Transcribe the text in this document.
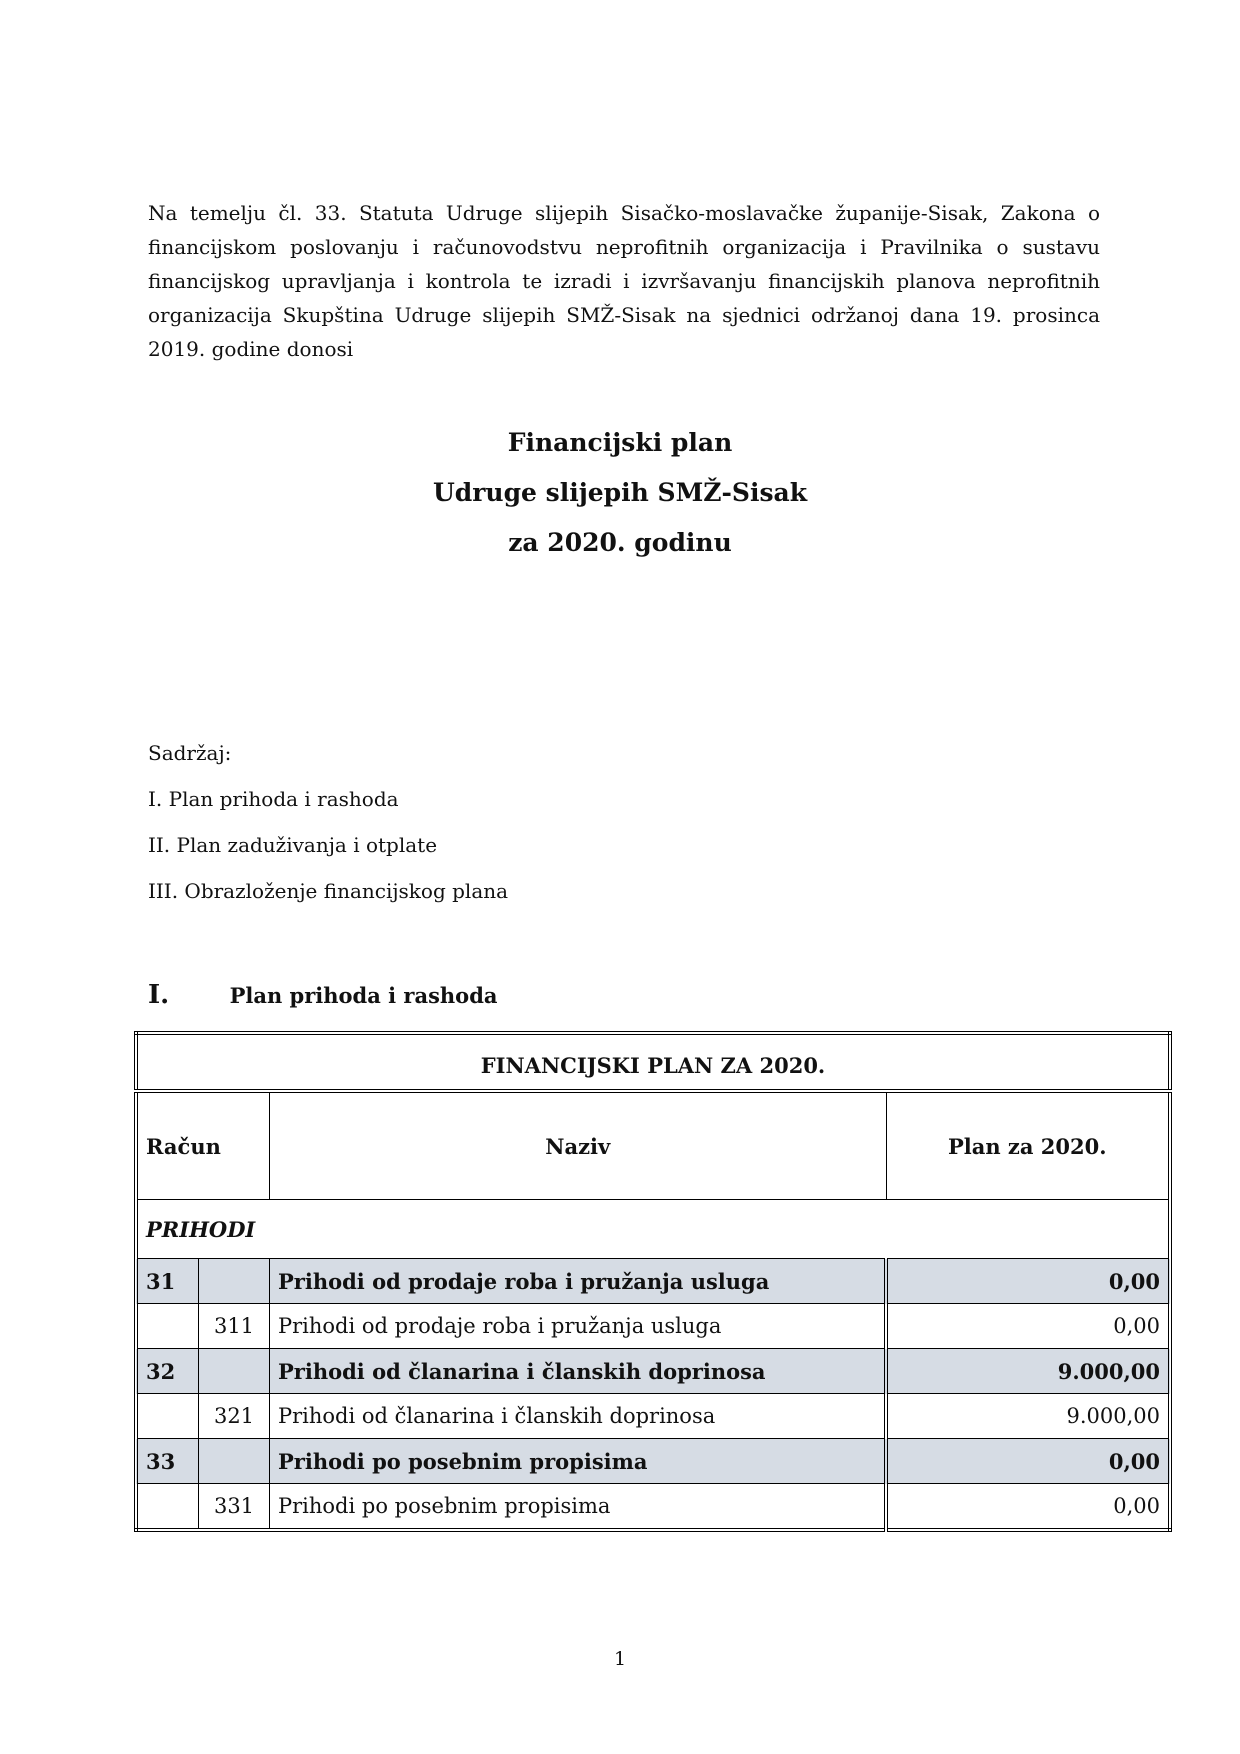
Na temelju čl. 33. Statuta Udruge slijepih Sisačko-moslavačke županije-Sisak, Zakona o financijskom poslovanju i računovodstvu neprofitnih organizacija i Pravilnika o sustavu financijskog upravljanja i kontrola te izradi i izvršavanju financijskih planova neprofitnih organizacija Skupština Udruge slijepih SMŽ-Sisak na sjednici održanoj dana 19. prosinca 2019. godine donosi
Financijski plan
Udruge slijepih SMŽ-Sisak
za 2020. godinu
Sadržaj:
I. Plan prihoda i rashoda
II. Plan zaduživanja i otplate
III. Obrazloženje financijskog plana
I.	Plan prihoda i rashoda
FINANCIJSKI PLAN ZA 2020.			
Račun		Naziv	Plan za 2020.
PRIHODI			
31		Prihodi od prodaje roba i pružanja usluga	0,00
	311	Prihodi od prodaje roba i pružanja usluga	0,00
32		Prihodi od članarina i članskih doprinosa	9.000,00
	321	Prihodi od članarina i članskih doprinosa	9.000,00
33		Prihodi po posebnim propisima	0,00
	331	Prihodi po posebnim propisima	0,00
1
